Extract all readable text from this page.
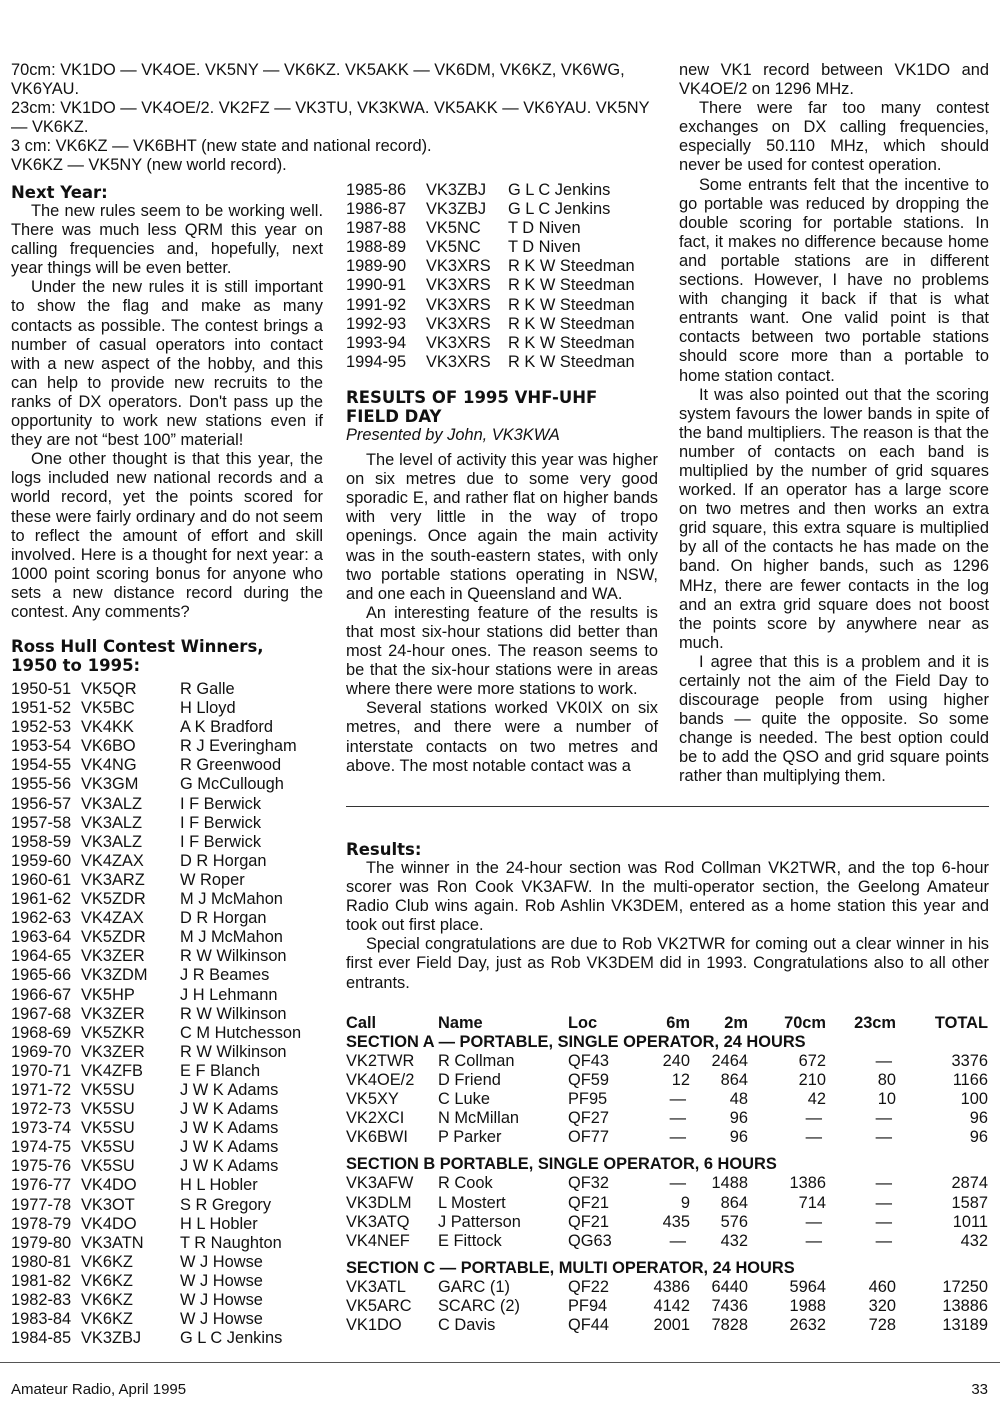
70cm: VK1DO — VK4OE. VK5NY — VK6KZ. VK5AKK — VK6DM, VK6KZ, VK6WG, VK6YAU.

23cm: VK1DO — VK4OE/2. VK2FZ — VK3TU, VK3KWA. VK5AKK — VK6YAU. VK5NY — VK6KZ.

3 cm: VK6KZ — VK6BHT (new state and national record).

VK6KZ — VK5NY (new world record).

Next Year:

The new rules seem to be working well. There was much less QRM this year on calling frequencies and, hopefully, next year things will be even better.

Under the new rules it is still important to show the flag and make as many contacts as possible. The contest brings a number of casual operators into contact with a new aspect of the hobby, and this can help to provide new recruits to the ranks of DX operators. Don't pass up the opportunity to work new stations even if they are not “best 100” material!

One other thought is that this year, the logs included new national records and a world record, yet the points scored for these were fairly ordinary and do not seem to reflect the amount of effort and skill involved. Here is a thought for next year: a 1000 point scoring bonus for anyone who sets a new distance record during the contest. Any comments?

Ross Hull Contest Winners, 1950 to 1995:
1950-51	VK5QR	R Galle
1951-52	VK5BC	H Lloyd
1952-53	VK4KK	A K Bradford
1953-54	VK6BO	R J Everingham
1954-55	VK4NG	R Greenwood
1955-56	VK3GM	G McCullough
1956-57	VK3ALZ	I F Berwick
1957-58	VK3ALZ	I F Berwick
1958-59	VK3ALZ	I F Berwick
1959-60	VK4ZAX	D R Horgan
1960-61	VK3ARZ	W Roper
1961-62	VK5ZDR	M J McMahon
1962-63	VK4ZAX	D R Horgan
1963-64	VK5ZDR	M J McMahon
1964-65	VK3ZER	R W Wilkinson
1965-66	VK3ZDM	J R Beames
1966-67	VK5HP	J H Lehmann
1967-68	VK3ZER	R W Wilkinson
1968-69	VK5ZKR	C M Hutchesson
1969-70	VK3ZER	R W Wilkinson
1970-71	VK4ZFB	E F Blanch
1971-72	VK5SU	J W K Adams
1972-73	VK5SU	J W K Adams
1973-74	VK5SU	J W K Adams
1974-75	VK5SU	J W K Adams
1975-76	VK5SU	J W K Adams
1976-77	VK4DO	H L Hobler
1977-78	VK3OT	S R Gregory
1978-79	VK4DO	H L Hobler
1979-80	VK3ATN	T R Naughton
1980-81	VK6KZ	W J Howse
1981-82	VK6KZ	W J Howse
1982-83	VK6KZ	W J Howse
1983-84	VK6KZ	W J Howse
1984-85	VK3ZBJ	G L C Jenkins
1985-86	VK3ZBJ	G L C Jenkins
1986-87	VK3ZBJ	G L C Jenkins
1987-88	VK5NC	T D Niven
1988-89	VK5NC	T D Niven
1989-90	VK3XRS	R K W Steedman
1990-91	VK3XRS	R K W Steedman
1991-92	VK3XRS	R K W Steedman
1992-93	VK3XRS	R K W Steedman
1993-94	VK3XRS	R K W Steedman
1994-95	VK3XRS	R K W Steedman
RESULTS OF 1995 VHF-UHF FIELD DAY

Presented by John, VK3KWA

The level of activity this year was higher on six metres due to some very good sporadic E, and rather flat on higher bands with very little in the way of tropo openings. Once again the main activity was in the south-eastern states, with only two portable stations operating in NSW, and one each in Queensland and WA.

An interesting feature of the results is that most six-hour stations did better than most 24-hour ones. The reason seems to be that the six-hour stations were in areas where there were more stations to work.

Several stations worked VK0IX on six metres, and there were a number of interstate contacts on two metres and above. The most notable contact was a

new VK1 record between VK1DO and VK4OE/2 on 1296 MHz.

There were far too many contest exchanges on DX calling frequencies, especially 50.110 MHz, which should never be used for contest operation.

Some entrants felt that the incentive to go portable was reduced by dropping the double scoring for portable stations. In fact, it makes no difference because home and portable stations are in different sections. However, I have no problems with changing it back if that is what entrants want. One valid point is that contacts between two portable stations should score more than a portable to home station contact.

It was also pointed out that the scoring system favours the lower bands in spite of the band multipliers. The reason is that the number of contacts on each band is multiplied by the number of grid squares worked. If an operator has a large score on two metres and then works an extra grid square, this extra square is multiplied by all of the contacts he has made on the band. On higher bands, such as 1296 MHz, there are fewer contacts in the log and an extra grid square does not boost the points score by anywhere near as much.

I agree that this is a problem and it is certainly not the aim of the Field Day to discourage people from using higher bands — quite the opposite. So some change is needed. The best option could be to add the QSO and grid square points rather than multiplying them.

Results:

The winner in the 24-hour section was Rod Collman VK2TWR, and the top 6-hour scorer was Ron Cook VK3AFW. In the multi-operator section, the Geelong Amateur Radio Club wins again. Rob Ashlin VK3DEM, entered as a home station this year and took out first place.

Special congratulations are due to Rob VK2TWR for coming out a clear winner in his first ever Field Day, just as Rob VK3DEM did in 1993. Congratulations also to all other entrants.

Call	Name	Loc	6m	2m	70cm	23cm	TOTAL
SECTION A — PORTABLE, SINGLE OPERATOR, 24 HOURS							
VK2TWR	R Collman	QF43	240	2464	672	—	3376
VK4OE/2	D Friend	QF59	12	864	210	80	1166
VK5XY	C Luke	PF95	—	48	42	10	100
VK2XCI	N McMillan	QF27	—	96	—	—	96
VK6BWI	P Parker	OF77	—	96	—	—	96
SECTION B PORTABLE, SINGLE OPERATOR, 6 HOURS							
VK3AFW	R Cook	QF32	—	1488	1386	—	2874
VK3DLM	L Mostert	QF21	9	864	714	—	1587
VK3ATQ	J Patterson	QF21	435	576	—	—	1011
VK4NEF	E Fittock	QG63	—	432	—	—	432
SECTION C — PORTABLE, MULTI OPERATOR, 24 HOURS							
VK3ATL	GARC (1)	QF22	4386	6440	5964	460	17250
VK5ARC	SCARC (2)	PF94	4142	7436	1988	320	13886
VK1DO	C Davis	QF44	2001	7828	2632	728	13189
Amateur Radio, April 1995	33
